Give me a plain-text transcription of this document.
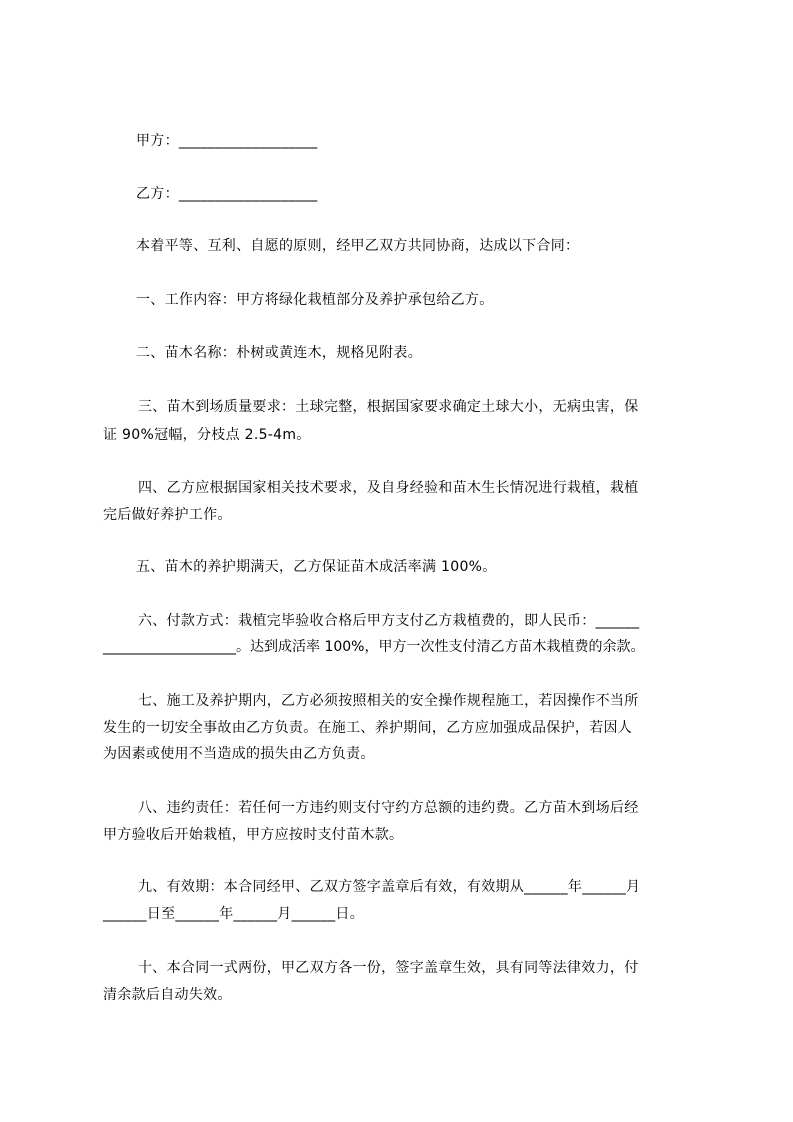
甲方：___________________
乙方：___________________
本着平等、互利、自愿的原则，经甲乙双方共同协商，达成以下合同：
一、工作内容：甲方将绿化栽植部分及养护承包给乙方。
二、苗木名称：朴树或黄连木，规格见附表。
三、苗木到场质量要求：土球完整，根据国家要求确定土球大小，无病虫害，保
证 90%冠幅，分枝点 2.5-4m。
四、乙方应根据国家相关技术要求，及自身经验和苗木生长情况进行栽植，栽植
完后做好养护工作。
五、苗木的养护期满天，乙方保证苗木成活率满 100%。
六、付款方式：栽植完毕验收合格后甲方支付乙方栽植费的，即人民币：______
___________________。达到成活率 100%，甲方一次性支付清乙方苗木栽植费的余款。
七、施工及养护期内，乙方必须按照相关的安全操作规程施工，若因操作不当所
发生的一切安全事故由乙方负责。在施工、养护期间，乙方应加强成品保护，若因人
为因素或使用不当造成的损失由乙方负责。
八、违约责任：若任何一方违约则支付守约方总额的违约费。乙方苗木到场后经
甲方验收后开始栽植，甲方应按时支付苗木款。
九、有效期：本合同经甲、乙双方签字盖章后有效，有效期从______年______月
______日至______年______月______日。
十、本合同一式两份，甲乙双方各一份，签字盖章生效，具有同等法律效力，付
清余款后自动失效。
